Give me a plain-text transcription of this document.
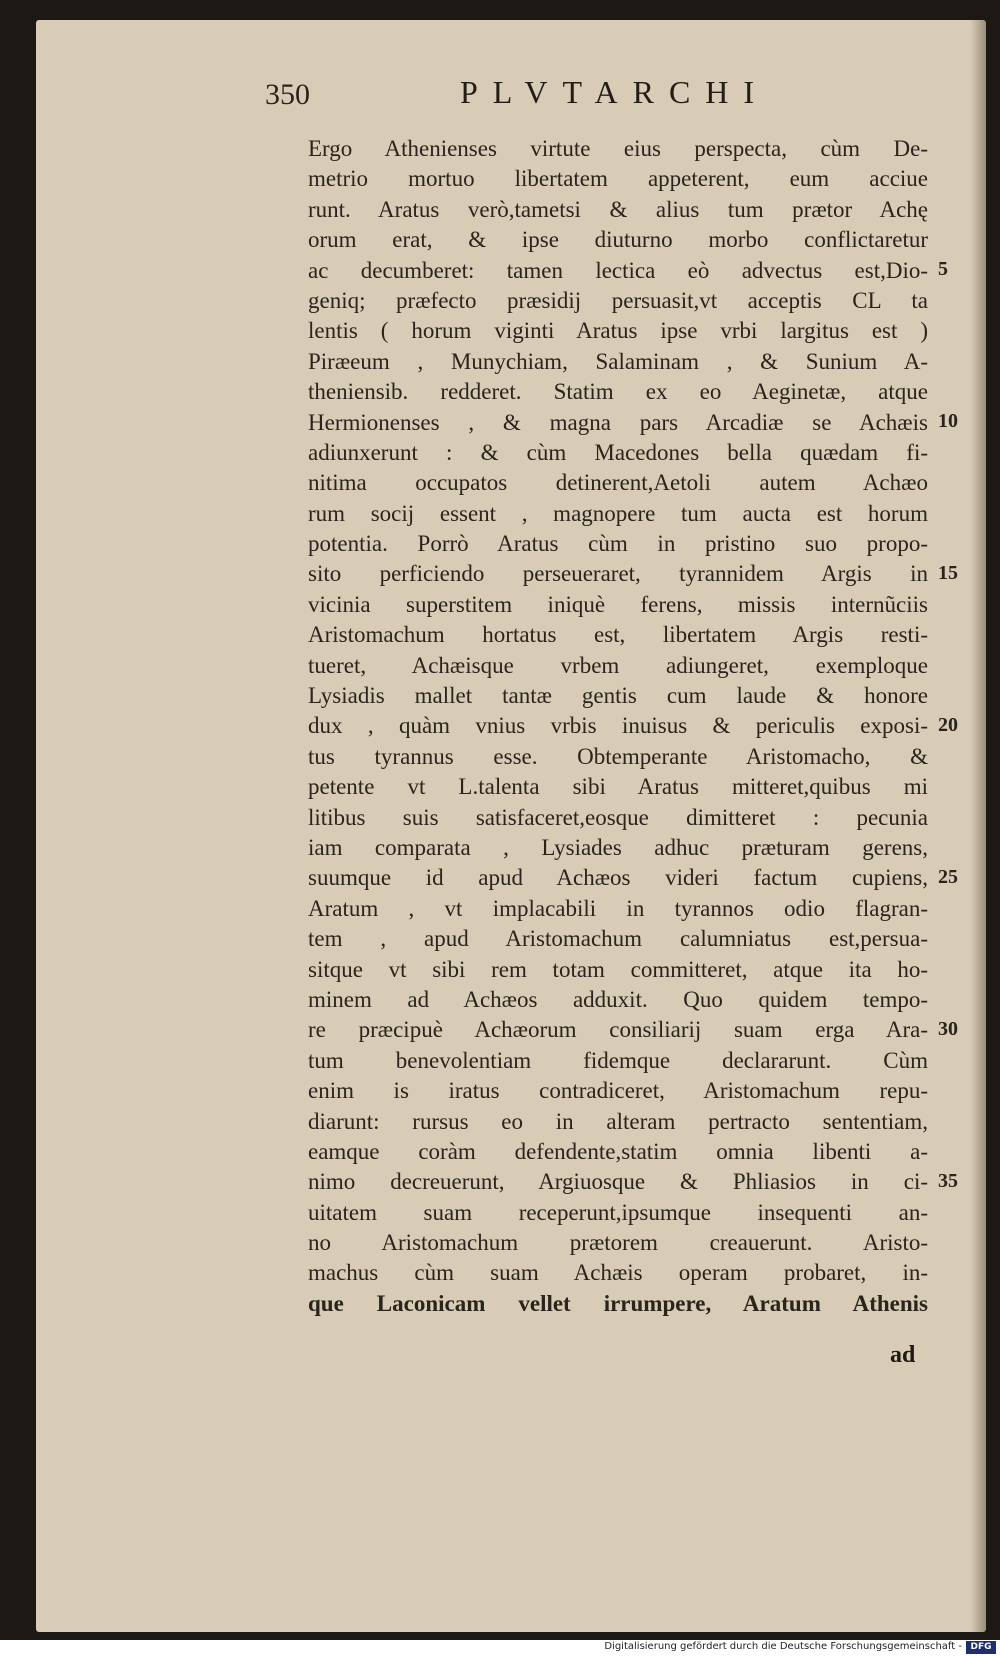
350	PLVTARCHI
Ergo Athenienses virtute eius perspecta, cùm De-
metrio mortuo libertatem appeterent, eum acciue
runt. Aratus verò,tametsi & alius tum prætor Achę
orum erat, & ipse diuturno morbo conflictaretur
ac decumberet: tamen lectica eò advectus est,Dio-
geniq; præfecto præsidij persuasit,vt acceptis CL ta
lentis ( horum viginti Aratus ipse vrbi largitus est )
Piræeum , Munychiam, Salaminam , & Sunium A-
theniensib. redderet. Statim ex eo Aeginetæ, atque
Hermionenses , & magna pars Arcadiæ se Achæis
adiunxerunt : & cùm Macedones bella quædam fi-
nitima occupatos detinerent,Aetoli autem Achæo
rum socij essent , magnopere tum aucta est horum
potentia. Porrò Aratus cùm in pristino suo propo-
sito perficiendo perseueraret, tyrannidem Argis in
vicinia superstitem iniquè ferens, missis internũciis
Aristomachum hortatus est, libertatem Argis resti-
tueret, Achæisque vrbem adiungeret, exemploque
Lysiadis mallet tantæ gentis cum laude & honore
dux , quàm vnius vrbis inuisus & periculis exposi-
tus tyrannus esse. Obtemperante Aristomacho, &
petente vt L.talenta sibi Aratus mitteret,quibus mi
litibus suis satisfaceret,eosque dimitteret : pecunia
iam comparata , Lysiades adhuc præturam gerens,
suumque id apud Achæos videri factum cupiens,
Aratum , vt implacabili in tyrannos odio flagran-
tem , apud Aristomachum calumniatus est,persua-
sitque vt sibi rem totam committeret, atque ita ho-
minem ad Achæos adduxit. Quo quidem tempo-
re præcipuè Achæorum consiliarij suam erga Ara-
tum benevolentiam fidemque declararunt. Cùm
enim is iratus contradiceret, Aristomachum repu-
diarunt: rursus eo in alteram pertracto sententiam,
eamque coràm defendente,statim omnia libenti a-
nimo decreuerunt, Argiuosque & Phliasios in ci-
uitatem suam receperunt,ipsumque insequenti an-
no Aristomachum prætorem creauerunt. Aristo-
machus cùm suam Achæis operam probaret, in-
que Laconicam vellet irrumpere, Aratum Athenis
5
10
15
20
25
30
35
ad
Digitalisierung gefördert durch die Deutsche Forschungsgemeinschaft - DFG
